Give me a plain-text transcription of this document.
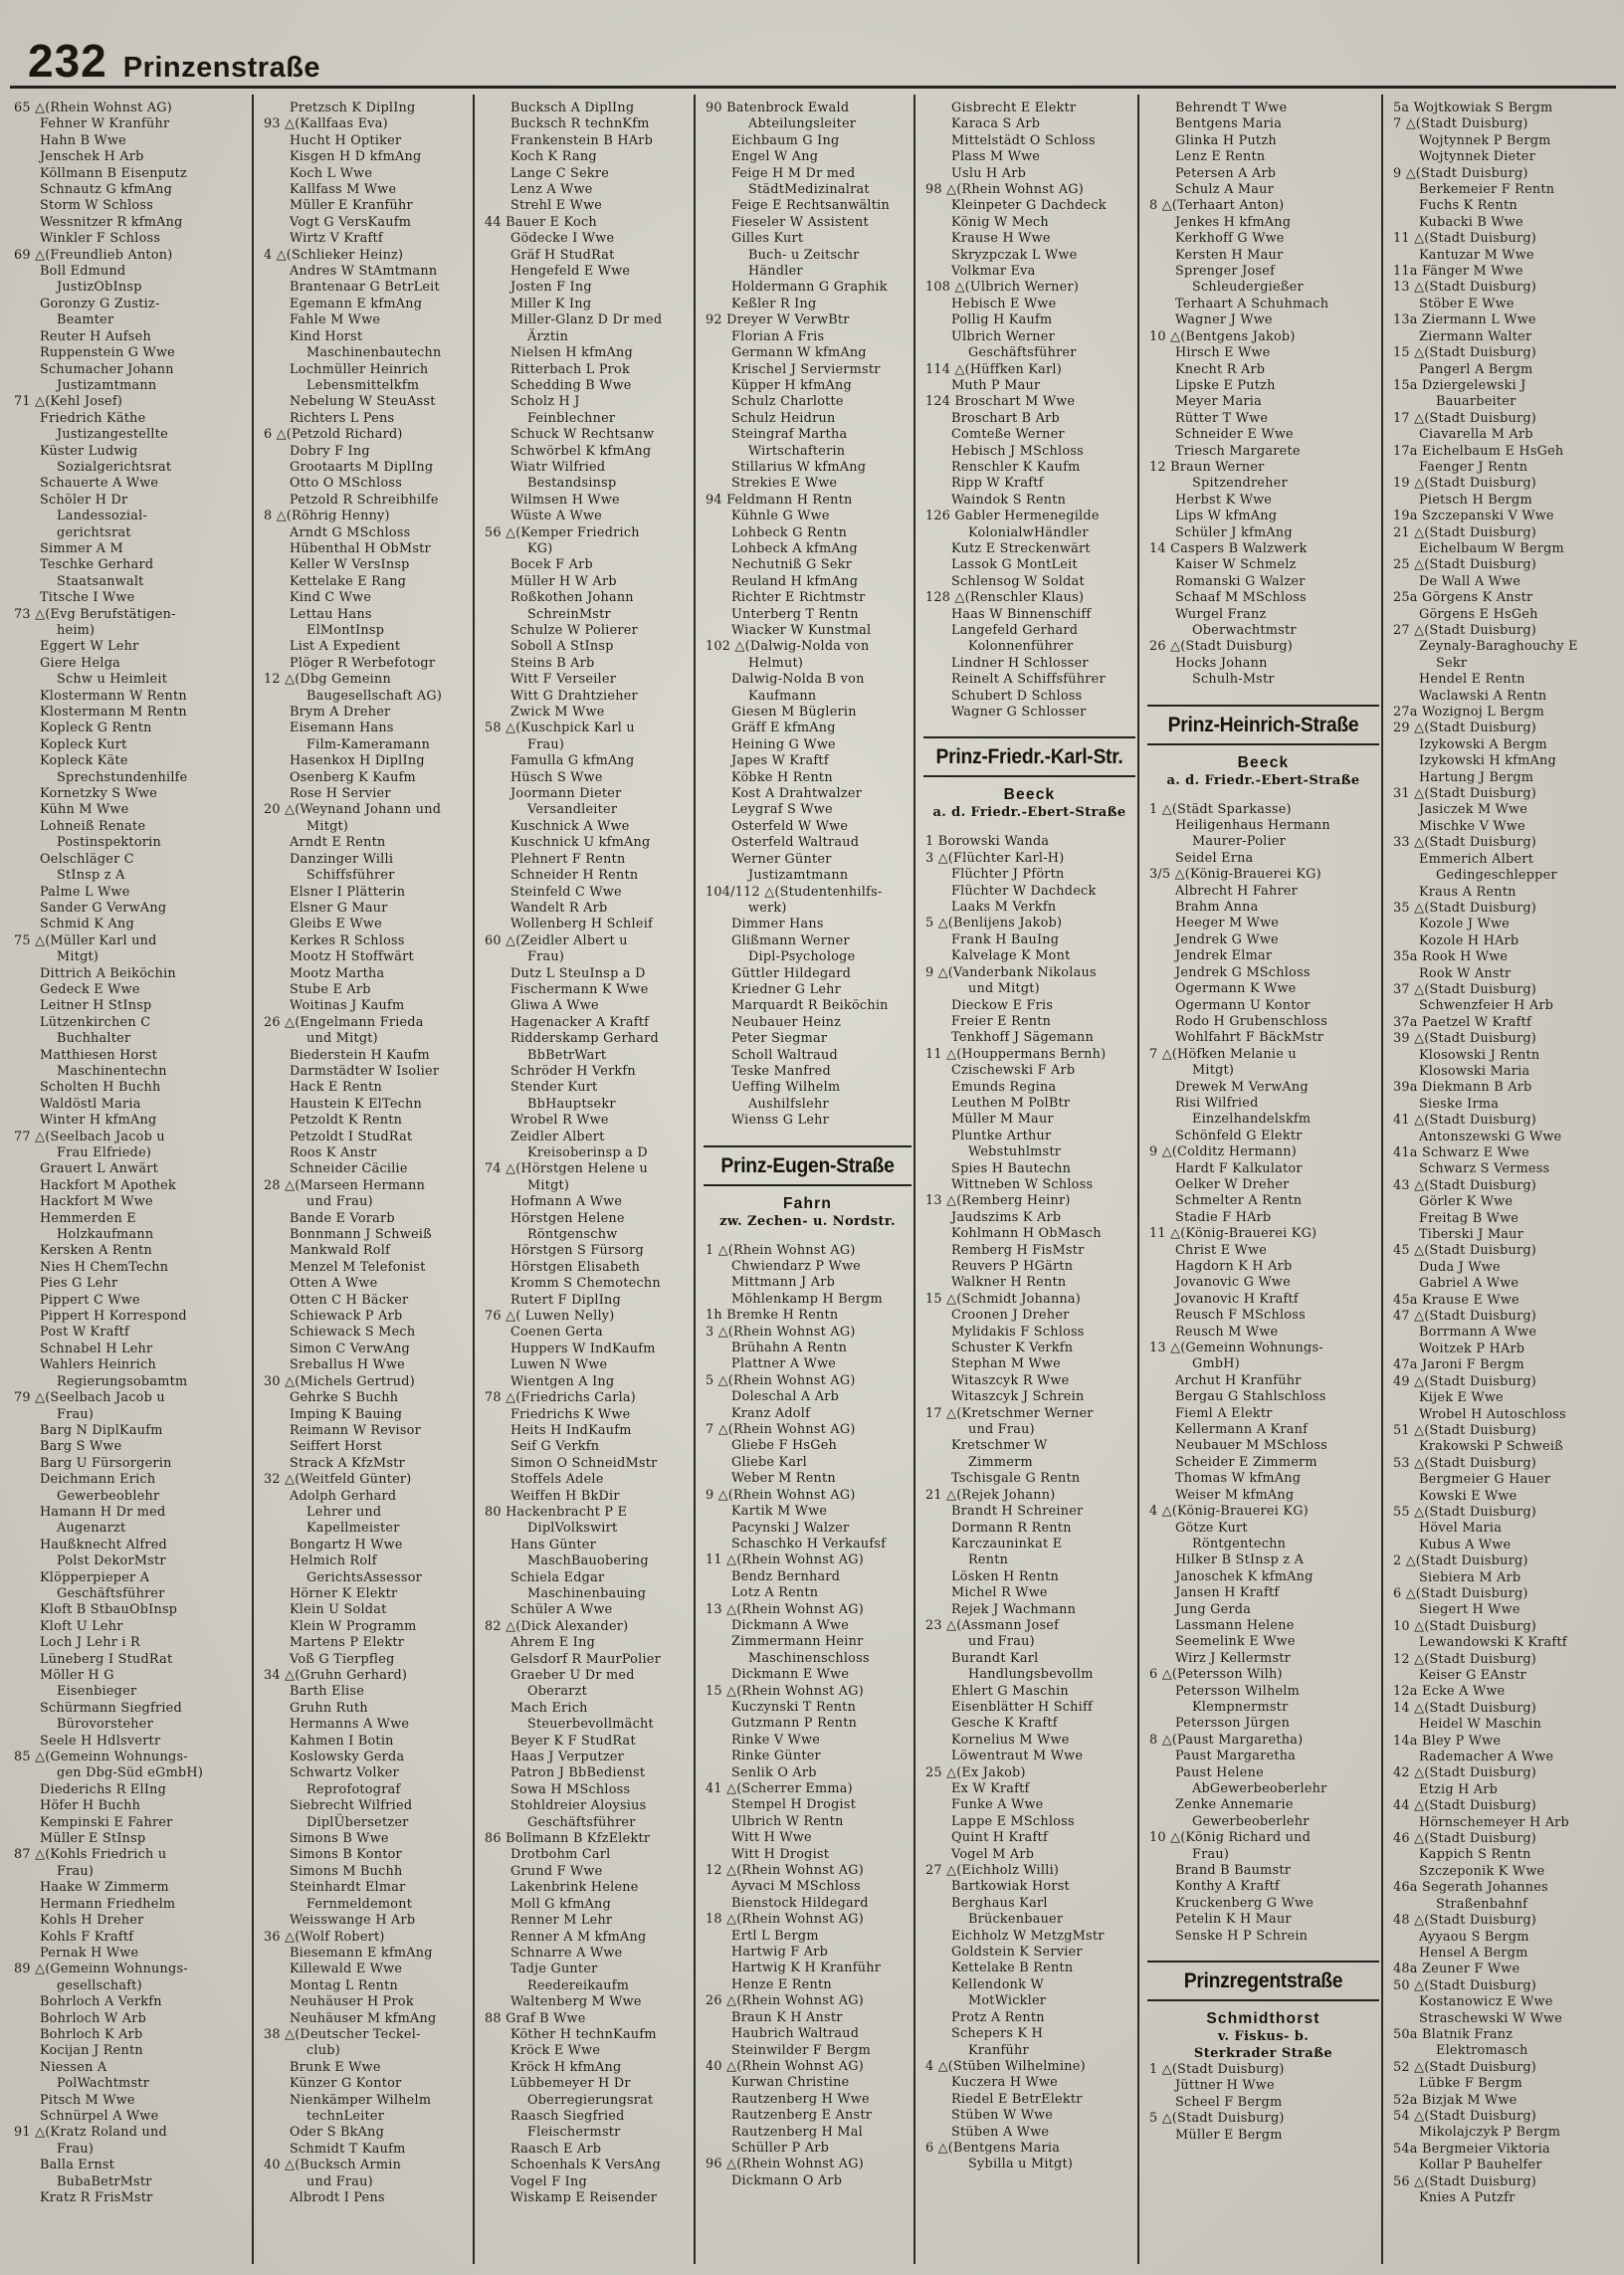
232 Prinzenstraße
65 △(Rhein Wohnst AG)
Fehner W Kranführ
Hahn B Wwe
Jenschek H Arb
Köllmann B Eisenputz
Schnautz G kfmAng
Storm W Schloss
Wessnitzer R kfmAng
Winkler F Schloss
69 △(Freundlieb Anton)
Boll Edmund
JustizObInsp
Goronzy G Zustiz-
Beamter
Reuter H Aufseh
Ruppenstein G Wwe
Schumacher Johann
Justizamtmann
71 △(Kehl Josef)
Friedrich Käthe
Justizangestellte
Küster Ludwig
Sozialgerichtsrat
Schauerte A Wwe
Schöler H Dr
Landessozial-
gerichtsrat
Simmer A M
Teschke Gerhard
Staatsanwalt
Titsche I Wwe
73 △(Evg Berufstätigen-
heim)
Eggert W Lehr
Giere Helga
Schw u Heimleit
Klostermann W Rentn
Klostermann M Rentn
Kopleck G Rentn
Kopleck Kurt
Kopleck Käte
Sprechstundenhilfe
Kornetzky S Wwe
Kühn M Wwe
Lohneiß Renate
Postinspektorin
Oelschläger C
StInsp z A
Palme L Wwe
Sander G VerwAng
Schmid K Ang
75 △(Müller Karl und
Mitgt)
Dittrich A Beiköchin
Gedeck E Wwe
Leitner H StInsp
Lützenkirchen C
Buchhalter
Matthiesen Horst
Maschinentechn
Scholten H Buchh
Waldöstl Maria
Winter H kfmAng
77 △(Seelbach Jacob u
Frau Elfriede)
Grauert L Anwärt
Hackfort M Apothek
Hackfort M Wwe
Hemmerden E
Holzkaufmann
Kersken A Rentn
Nies H ChemTechn
Pies G Lehr
Pippert C Wwe
Pippert H Korrespond
Post W Kraftf
Schnabel H Lehr
Wahlers Heinrich
Regierungsobamtm
79 △(Seelbach Jacob u
Frau)
Barg N DiplKaufm
Barg S Wwe
Barg U Fürsorgerin
Deichmann Erich
Gewerbeoblehr
Hamann H Dr med
Augenarzt
Haußknecht Alfred
Polst DekorMstr
Klöpperpieper A
Geschäftsführer
Kloft B StbauObInsp
Kloft U Lehr
Loch J Lehr i R
Lüneberg I StudRat
Möller H G
Eisenbieger
Schürmann Siegfried
Bürovorsteher
Seele H Hdlsvertr
85 △(Gemeinn Wohnungs-
gen Dbg-Süd eGmbH)
Diederichs R ElIng
Höfer H Buchh
Kempinski E Fahrer
Müller E StInsp
87 △(Kohls Friedrich u
Frau)
Haake W Zimmerm
Hermann Friedhelm
Kohls H Dreher
Kohls F Kraftf
Pernak H Wwe
89 △(Gemeinn Wohnungs-
gesellschaft)
Bohrloch A Verkfn
Bohrloch W Arb
Bohrloch K Arb
Kocijan J Rentn
Niessen A
PolWachtmstr
Pitsch M Wwe
Schnürpel A Wwe
91 △(Kratz Roland und
Frau)
Balla Ernst
BubaBetrMstr
Kratz R FrisMstr
Pretzsch K DiplIng
93 △(Kallfaas Eva)
Hucht H Optiker
Kisgen H D kfmAng
Koch L Wwe
Kallfass M Wwe
Müller E Kranführ
Vogt G VersKaufm
Wirtz V Kraftf
4 △(Schlieker Heinz)
Andres W StAmtmann
Brantenaar G BetrLeit
Egemann E kfmAng
Fahle M Wwe
Kind Horst
Maschinenbautechn
Lochmüller Heinrich
Lebensmittelkfm
Nebelung W SteuAsst
Richters L Pens
6 △(Petzold Richard)
Dobry F Ing
Grootaarts M DiplIng
Otto O MSchloss
Petzold R Schreibhilfe
8 △(Röhrig Henny)
Arndt G MSchloss
Hübenthal H ObMstr
Keller W VersInsp
Kettelake E Rang
Kind C Wwe
Lettau Hans
ElMontInsp
List A Expedient
Plöger R Werbefotogr
12 △(Dbg Gemeinn
Baugesellschaft AG)
Brym A Dreher
Eisemann Hans
Film-Kameramann
Hasenkox H DiplIng
Osenberg K Kaufm
Rose H Servier
20 △(Weynand Johann und
Mitgt)
Arndt E Rentn
Danzinger Willi
Schiffsführer
Elsner I Plätterin
Elsner G Maur
Gleibs E Wwe
Kerkes R Schloss
Mootz H Stoffwärt
Mootz Martha
Stube E Arb
Woitinas J Kaufm
26 △(Engelmann Frieda
und Mitgt)
Biederstein H Kaufm
Darmstädter W Isolier
Hack E Rentn
Haustein K ElTechn
Petzoldt K Rentn
Petzoldt I StudRat
Roos K Anstr
Schneider Cäcilie
28 △(Marseen Hermann
und Frau)
Bande E Vorarb
Bonnmann J Schweiß
Mankwald Rolf
Menzel M Telefonist
Otten A Wwe
Otten C H Bäcker
Schiewack P Arb
Schiewack S Mech
Simon C VerwAng
Sreballus H Wwe
30 △(Michels Gertrud)
Gehrke S Buchh
Imping K Bauing
Reimann W Revisor
Seiffert Horst
Strack A KfzMstr
32 △(Weitfeld Günter)
Adolph Gerhard
Lehrer und
Kapellmeister
Bongartz H Wwe
Helmich Rolf
GerichtsAssessor
Hörner K Elektr
Klein U Soldat
Klein W Programm
Martens P Elektr
Voß G Tierpfleg
34 △(Gruhn Gerhard)
Barth Elise
Gruhn Ruth
Hermanns A Wwe
Kahmen I Botin
Koslowsky Gerda
Schwartz Volker
Reprofotograf
Siebrecht Wilfried
DiplÜbersetzer
Simons B Wwe
Simons B Kontor
Simons M Buchh
Steinhardt Elmar
Fernmeldemont
Weisswange H Arb
36 △(Wolf Robert)
Biesemann E kfmAng
Killewald E Wwe
Montag L Rentn
Neuhäuser H Prok
Neuhäuser M kfmAng
38 △(Deutscher Teckel-
club)
Brunk E Wwe
Künzer G Kontor
Nienkämper Wilhelm
technLeiter
Oder S BkAng
Schmidt T Kaufm
40 △(Bucksch Armin
und Frau)
Albrodt I Pens
Bucksch A DiplIng
Bucksch R technKfm
Frankenstein B HArb
Koch K Rang
Lange C Sekre
Lenz A Wwe
Strehl E Wwe
44 Bauer E Koch
Gödecke I Wwe
Gräf H StudRat
Hengefeld E Wwe
Josten F Ing
Miller K Ing
Miller-Glanz D Dr med
Ärztin
Nielsen H kfmAng
Ritterbach L Prok
Schedding B Wwe
Scholz H J
Feinblechner
Schuck W Rechtsanw
Schwörbel K kfmAng
Wiatr Wilfried
Bestandsinsp
Wilmsen H Wwe
Wüste A Wwe
56 △(Kemper Friedrich
KG)
Bocek F Arb
Müller H W Arb
Roßkothen Johann
SchreinMstr
Schulze W Polierer
Soboll A StInsp
Steins B Arb
Witt F Verseiler
Witt G Drahtzieher
Zwick M Wwe
58 △(Kuschpick Karl u
Frau)
Famulla G kfmAng
Hüsch S Wwe
Joormann Dieter
Versandleiter
Kuschnick A Wwe
Kuschnick U kfmAng
Plehnert F Rentn
Schneider H Rentn
Steinfeld C Wwe
Wandelt R Arb
Wollenberg H Schleif
60 △(Zeidler Albert u
Frau)
Dutz L SteuInsp a D
Fischermann K Wwe
Gliwa A Wwe
Hagenacker A Kraftf
Ridderskamp Gerhard
BbBetrWart
Schröder H Verkfn
Stender Kurt
BbHauptsekr
Wrobel R Wwe
Zeidler Albert
Kreisoberinsp a D
74 △(Hörstgen Helene u
Mitgt)
Hofmann A Wwe
Hörstgen Helene
Röntgenschw
Hörstgen S Fürsorg
Hörstgen Elisabeth
Kromm S Chemotechn
Rutert F DiplIng
76 △( Luwen Nelly)
Coenen Gerta
Huppers W IndKaufm
Luwen N Wwe
Wientgen A Ing
78 △(Friedrichs Carla)
Friedrichs K Wwe
Heits H IndKaufm
Seif G Verkfn
Simon O SchneidMstr
Stoffels Adele
Weiffen H BkDir
80 Hackenbracht P E
DiplVolkswirt
Hans Günter
MaschBauobering
Schiela Edgar
Maschinenbauing
Schüler A Wwe
82 △(Dick Alexander)
Ahrem E Ing
Gelsdorf R MaurPolier
Graeber U Dr med
Oberarzt
Mach Erich
Steuerbevollmächt
Beyer K F StudRat
Haas J Verputzer
Patron J BbBedienst
Sowa H MSchloss
Stohldreier Aloysius
Geschäftsführer
86 Bollmann B KfzElektr
Drotbohm Carl
Grund F Wwe
Lakenbrink Helene
Moll G kfmAng
Renner M Lehr
Renner A M kfmAng
Schnarre A Wwe
Tadje Gunter
Reedereikaufm
Waltenberg M Wwe
88 Graf B Wwe
Köther H technKaufm
Kröck E Wwe
Kröck H kfmAng
Lübbemeyer H Dr
Oberregierungsrat
Raasch Siegfried
Fleischermstr
Raasch E Arb
Schoenhals K VersAng
Vogel F Ing
Wiskamp E Reisender
90 Batenbrock Ewald
Abteilungsleiter
Eichbaum G Ing
Engel W Ang
Feige H M Dr med
StädtMedizinalrat
Feige E Rechtsanwältin
Fieseler W Assistent
Gilles Kurt
Buch- u Zeitschr
Händler
Holdermann G Graphik
Keßler R Ing
92 Dreyer W VerwBtr
Florian A Fris
Germann W kfmAng
Krischel J Serviermstr
Küpper H kfmAng
Schulz Charlotte
Schulz Heidrun
Steingraf Martha
Wirtschafterin
Stillarius W kfmAng
Strekies E Wwe
94 Feldmann H Rentn
Kühnle G Wwe
Lohbeck G Rentn
Lohbeck A kfmAng
Nechutniß G Sekr
Reuland H kfmAng
Richter E Richtmstr
Unterberg T Rentn
Wiacker W Kunstmal
102 △(Dalwig-Nolda von
Helmut)
Dalwig-Nolda B von
Kaufmann
Giesen M Büglerin
Gräff E kfmAng
Heining G Wwe
Japes W Kraftf
Köbke H Rentn
Kost A Drahtwalzer
Leygraf S Wwe
Osterfeld W Wwe
Osterfeld Waltraud
Werner Günter
Justizamtmann
104/112 △(Studentenhilfs-
werk)
Dimmer Hans
Glißmann Werner
Dipl-Psychologe
Güttler Hildegard
Kriedner G Lehr
Marquardt R Beiköchin
Neubauer Heinz
Peter Siegmar
Scholl Waltraud
Teske Manfred
Ueffing Wilhelm
Aushilfslehr
Wienss G Lehr
Prinz-Eugen-Straße
Fahrn
zw. Zechen- u. Nordstr.
1 △(Rhein Wohnst AG)
Chwiendarz P Wwe
Mittmann J Arb
Möhlenkamp H Bergm
1h Bremke H Rentn
3 △(Rhein Wohnst AG)
Brühahn A Rentn
Plattner A Wwe
5 △(Rhein Wohnst AG)
Doleschal A Arb
Kranz Adolf
7 △(Rhein Wohnst AG)
Gliebe F HsGeh
Gliebe Karl
Weber M Rentn
9 △(Rhein Wohnst AG)
Kartik M Wwe
Pacynski J Walzer
Schaschko H Verkaufsf
11 △(Rhein Wohnst AG)
Bendz Bernhard
Lotz A Rentn
13 △(Rhein Wohnst AG)
Dickmann A Wwe
Zimmermann Heinr
Maschinenschloss
Dickmann E Wwe
15 △(Rhein Wohnst AG)
Kuczynski T Rentn
Gutzmann P Rentn
Rinke V Wwe
Rinke Günter
Senlik O Arb
41 △(Scherrer Emma)
Stempel H Drogist
Ulbrich W Rentn
Witt H Wwe
Witt H Drogist
12 △(Rhein Wohnst AG)
Ayvaci M MSchloss
Bienstock Hildegard
18 △(Rhein Wohnst AG)
Ertl L Bergm
Hartwig F Arb
Hartwig K H Kranführ
Henze E Rentn
26 △(Rhein Wohnst AG)
Braun K H Anstr
Haubrich Waltraud
Steinwilder F Bergm
40 △(Rhein Wohnst AG)
Kurwan Christine
Rautzenberg H Wwe
Rautzenberg E Anstr
Rautzenberg H Mal
Schüller P Arb
96 △(Rhein Wohnst AG)
Dickmann O Arb
Gisbrecht E Elektr
Karaca S Arb
Mittelstädt O Schloss
Plass M Wwe
Uslu H Arb
98 △(Rhein Wohnst AG)
Kleinpeter G Dachdeck
König W Mech
Krause H Wwe
Skryzpczak L Wwe
Volkmar Eva
108 △(Ulbrich Werner)
Hebisch E Wwe
Pollig H Kaufm
Ulbrich Werner
Geschäftsführer
114 △(Hüffken Karl)
Muth P Maur
124 Broschart M Wwe
Broschart B Arb
Comteße Werner
Hebisch J MSchloss
Renschler K Kaufm
Ripp W Kraftf
Waindok S Rentn
126 Gabler Hermenegilde
KolonialwHändler
Kutz E Streckenwärt
Lassok G MontLeit
Schlensog W Soldat
128 △(Renschler Klaus)
Haas W Binnenschiff
Langefeld Gerhard
Kolonnenführer
Lindner H Schlosser
Reinelt A Schiffsführer
Schubert D Schloss
Wagner G Schlosser
Prinz-Friedr.-Karl-Str.
Beeck
a. d. Friedr.-Ebert-Straße
1 Borowski Wanda
3 △(Flüchter Karl-H)
Flüchter J Pförtn
Flüchter W Dachdeck
Laaks M Verkfn
5 △(Benlijens Jakob)
Frank H BauIng
Kalvelage K Mont
9 △(Vanderbank Nikolaus
und Mitgt)
Dieckow E Fris
Freier E Rentn
Tenkhoff J Sägemann
11 △(Houppermans Bernh)
Czischewski F Arb
Emunds Regina
Leuthen M PolBtr
Müller M Maur
Pluntke Arthur
Webstuhlmstr
Spies H Bautechn
Wittneben W Schloss
13 △(Remberg Heinr)
Jaudszims K Arb
Kohlmann H ObMasch
Remberg H FisMstr
Reuvers P HGärtn
Walkner H Rentn
15 △(Schmidt Johanna)
Croonen J Dreher
Mylidakis F Schloss
Schuster K Verkfn
Stephan M Wwe
Witaszcyk R Wwe
Witaszcyk J Schrein
17 △(Kretschmer Werner
und Frau)
Kretschmer W
Zimmerm
Tschisgale G Rentn
21 △(Rejek Johann)
Brandt H Schreiner
Dormann R Rentn
Karczauninkat E
Rentn
Lösken H Rentn
Michel R Wwe
Rejek J Wachmann
23 △(Assmann Josef
und Frau)
Burandt Karl
Handlungsbevollm
Ehlert G Maschin
Eisenblätter H Schiff
Gesche K Kraftf
Kornelius M Wwe
Löwentraut M Wwe
25 △(Ex Jakob)
Ex W Kraftf
Funke A Wwe
Lappe E MSchloss
Quint H Kraftf
Vogel M Arb
27 △(Eichholz Willi)
Bartkowiak Horst
Berghaus Karl
Brückenbauer
Eichholz W MetzgMstr
Goldstein K Servier
Kettelake B Rentn
Kellendonk W
MotWickler
Protz A Rentn
Schepers K H
Kranführ
4 △(Stüben Wilhelmine)
Kuczera H Wwe
Riedel E BetrElektr
Stüben W Wwe
Stüben A Wwe
6 △(Bentgens Maria
Sybilla u Mitgt)
Behrendt T Wwe
Bentgens Maria
Glinka H Putzh
Lenz E Rentn
Petersen A Arb
Schulz A Maur
8 △(Terhaart Anton)
Jenkes H kfmAng
Kerkhoff G Wwe
Kersten H Maur
Sprenger Josef
Schleudergießer
Terhaart A Schuhmach
Wagner J Wwe
10 △(Bentgens Jakob)
Hirsch E Wwe
Knecht R Arb
Lipske E Putzh
Meyer Maria
Rütter T Wwe
Schneider E Wwe
Triesch Margarete
12 Braun Werner
Spitzendreher
Herbst K Wwe
Lips W kfmAng
Schüler J kfmAng
14 Caspers B Walzwerk
Kaiser W Schmelz
Romanski G Walzer
Schaaf M MSchloss
Wurgel Franz
Oberwachtmstr
26 △(Stadt Duisburg)
Hocks Johann
Schulh-Mstr
Prinz-Heinrich-Straße
Beeck
a. d. Friedr.-Ebert-Straße
1 △(Städt Sparkasse)
Heiligenhaus Hermann
Maurer-Polier
Seidel Erna
3/5 △(König-Brauerei KG)
Albrecht H Fahrer
Brahm Anna
Heeger M Wwe
Jendrek G Wwe
Jendrek Elmar
Jendrek G MSchloss
Ogermann K Wwe
Ogermann U Kontor
Rodo H Grubenschloss
Wohlfahrt F BäckMstr
7 △(Höfken Melanie u
Mitgt)
Drewek M VerwAng
Risi Wilfried
Einzelhandelskfm
Schönfeld G Elektr
9 △(Colditz Hermann)
Hardt F Kalkulator
Oelker W Dreher
Schmelter A Rentn
Stadie F HArb
11 △(König-Brauerei KG)
Christ E Wwe
Hagdorn K H Arb
Jovanovic G Wwe
Jovanovic H Kraftf
Reusch F MSchloss
Reusch M Wwe
13 △(Gemeinn Wohnungs-
GmbH)
Archut H Kranführ
Bergau G Stahlschloss
Fieml A Elektr
Kellermann A Kranf
Neubauer M MSchloss
Scheider E Zimmerm
Thomas W kfmAng
Weiser M kfmAng
4 △(König-Brauerei KG)
Götze Kurt
Röntgentechn
Hilker B StInsp z A
Janoschek K kfmAng
Jansen H Kraftf
Jung Gerda
Lassmann Helene
Seemelink E Wwe
Wirz J Kellermstr
6 △(Petersson Wilh)
Petersson Wilhelm
Klempnermstr
Petersson Jürgen
8 △(Paust Margaretha)
Paust Margaretha
Paust Helene
AbGewerbeoberlehr
Zenke Annemarie
Gewerbeoberlehr
10 △(König Richard und
Frau)
Brand B Baumstr
Konthy A Kraftf
Kruckenberg G Wwe
Petelin K H Maur
Senske H P Schrein
Prinzregentstraße
Schmidthorst
v. Fiskus- b.
Sterkrader Straße
1 △(Stadt Duisburg)
Jüttner H Wwe
Scheel F Bergm
5 △(Stadt Duisburg)
Müller E Bergm
5a Wojtkowiak S Bergm
7 △(Stadt Duisburg)
Wojtynnek P Bergm
Wojtynnek Dieter
9 △(Stadt Duisburg)
Berkemeier F Rentn
Fuchs K Rentn
Kubacki B Wwe
11 △(Stadt Duisburg)
Kantuzar M Wwe
11a Fänger M Wwe
13 △(Stadt Duisburg)
Stöber E Wwe
13a Ziermann L Wwe
Ziermann Walter
15 △(Stadt Duisburg)
Pangerl A Bergm
15a Dziergelewski J
Bauarbeiter
17 △(Stadt Duisburg)
Ciavarella M Arb
17a Eichelbaum E HsGeh
Faenger J Rentn
19 △(Stadt Duisburg)
Pietsch H Bergm
19a Szczepanski V Wwe
21 △(Stadt Duisburg)
Eichelbaum W Bergm
25 △(Stadt Duisburg)
De Wall A Wwe
25a Görgens K Anstr
Görgens E HsGeh
27 △(Stadt Duisburg)
Zeynaly-Baraghouchy E
Sekr
Hendel E Rentn
Waclawski A Rentn
27a Wozignoj L Bergm
29 △(Stadt Duisburg)
Izykowski A Bergm
Izykowski H kfmAng
Hartung J Bergm
31 △(Stadt Duisburg)
Jasiczek M Wwe
Mischke V Wwe
33 △(Stadt Duisburg)
Emmerich Albert
Gedingeschlepper
Kraus A Rentn
35 △(Stadt Duisburg)
Kozole J Wwe
Kozole H HArb
35a Rook H Wwe
Rook W Anstr
37 △(Stadt Duisburg)
Schwenzfeier H Arb
37a Paetzel W Kraftf
39 △(Stadt Duisburg)
Klosowski J Rentn
Klosowski Maria
39a Diekmann B Arb
Sieske Irma
41 △(Stadt Duisburg)
Antonszewski G Wwe
41a Schwarz E Wwe
Schwarz S Vermess
43 △(Stadt Duisburg)
Görler K Wwe
Freitag B Wwe
Tiberski J Maur
45 △(Stadt Duisburg)
Duda J Wwe
Gabriel A Wwe
45a Krause E Wwe
47 △(Stadt Duisburg)
Borrmann A Wwe
Woitzek P HArb
47a Jaroni F Bergm
49 △(Stadt Duisburg)
Kijek E Wwe
Wrobel H Autoschloss
51 △(Stadt Duisburg)
Krakowski P Schweiß
53 △(Stadt Duisburg)
Bergmeier G Hauer
Kowski E Wwe
55 △(Stadt Duisburg)
Hövel Maria
Kubus A Wwe
2 △(Stadt Duisburg)
Siebiera M Arb
6 △(Stadt Duisburg)
Siegert H Wwe
10 △(Stadt Duisburg)
Lewandowski K Kraftf
12 △(Stadt Duisburg)
Keiser G EAnstr
12a Ecke A Wwe
14 △(Stadt Duisburg)
Heidel W Maschin
14a Bley P Wwe
Rademacher A Wwe
42 △(Stadt Duisburg)
Etzig H Arb
44 △(Stadt Duisburg)
Hörnschemeyer H Arb
46 △(Stadt Duisburg)
Kappich S Rentn
Szczeponik K Wwe
46a Segerath Johannes
Straßenbahnf
48 △(Stadt Duisburg)
Ayyaou S Bergm
Hensel A Bergm
48a Zeuner F Wwe
50 △(Stadt Duisburg)
Kostanowicz E Wwe
Straschewski W Wwe
50a Blatnik Franz
Elektromasch
52 △(Stadt Duisburg)
Lübke F Bergm
52a Bizjak M Wwe
54 △(Stadt Duisburg)
Mikolajczyk P Bergm
54a Bergmeier Viktoria
Kollar P Bauhelfer
56 △(Stadt Duisburg)
Knies A Putzfr
